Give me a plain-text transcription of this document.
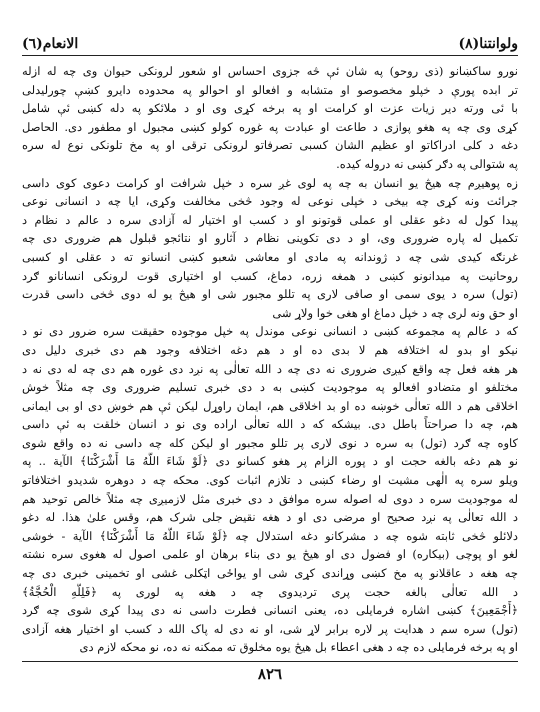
ولوانتنا(۸)
الانعام(٦)
نورو ساکښانو (ذی روحو) په شان ئې څه جزوی احساس او شعور لرونکی حیوان وی چه له ازله
تر ابده پورې د خپلو مخصوصو او متشابه و افعالو او احوالو په محدوده دایرو کښې چورلیدلی
با ئی ورته دیر زیات عزت او کرامت او په برخه کړی وی او د ملائکو په دله کښی ئې شامل
کړی وی چه په هغو پوازی د طاعت او عبادت په غوره کولو کښی مجبول او مطفور دی. الحاصل
دغه د کلی ادراکاتو او عظیم الشان کسبی تصرفاتو لرونکی ترقی او په مخ تلونکی نوع له سره
په شتوالی په دګر کښی نه دروله کیده.
زه پوهیږم چه هیڅ یو انسان به چه په لوی غږ سره د خپل شرافت او کرامت دعوی کوی داسی
جرائت ونه کړی چه بیخی د خپلی نوعی له وجود څخی مخالفت وکړی، ایا چه د انسانی نوعی
پیدا کول له دغو عقلی او عملی قوتونو او د کسب او اختیار له آزادی سره د عالم د نظام د
تکمیل له پاره ضروری وی، او د دی تکوینی نظام د آثارو او نتائجو قبلول هم ضروری دی چه
غرنګه کیدی شی چه د ژوندانه په مادی او معاشی شعبو کښی انسانو ته د عقلی او کسبی
روحانیت په میدانونو کښی د همغه زره، دماغ، کسب او اختیاری قوت لرونکی انسانانو ګرد
(تول) سره د یوی سمی او صافی لاری په تللو مجبور شی او هیڅ یو له دوی څخی داسی قدرت
او حق ونه لری چه د خپل دماغ او هغی خوا ولاړ شی
که د عالم په مجموعه کښی د انسانی نوعی موندل په خپل موجوده حقیقت سره ضرور دی نو د
نیکو او بدو له اختلافه هم لا بدی ده او د هم دغه اختلافه وجود هم دی خبری دلیل دی
هر هغه فعل چه واقع کیږی ضروری نه دی چه د الله تعالٰی په نږد دی غوره هم دی چه له دی نه د
مختلفو او متضادو افعالو په موجودیت کښی به د دی خبری تسلیم ضروری وی چه مثلاً خوش
اخلاقی هم د الله تعالٰی خوښه ده او بد اخلاقی هم، ایمان راوړل لیکن ئې هم خوښ دی او بی ایمانی
هم، چه دا صراحتاً باطل دی. بیشکه که د الله تعالٰی اراده وی نو د انسان خلقت به ئې داسی
کاوه چه ګرد (تول) به سره د نوی لاری پر تللو مجبور او لیکن کله چه داسی نه ده واقع شوی
نو هم دغه بالغه حجت او د پوره الزام پر هغو کسانو دی ﴿لَوْ شَاءَ اللَّهُ مَا أَشْرَكْنَا﴾ الآية .. په
ویلو سره په الٰهی مشیت او رضاء کښی د تلازم اثبات کوی. محکه چه د دوهره شدیدو اختلافاتو
له موجودیت سره د دوی له اصوله سره موافق د دی خبری مثل لازمیږی چه مثلاً خالص توحید هم
د الله تعالٰی په نږد صحیح او مرضی دی او د هغه نقیض جلی شرک هم، وقس علیٰ هذا. له دغو
دلائلو څخی ثابته شوه چه د مشرکانو دغه استدلال چه ﴿لَوْ شَاءَ اللَّهُ مَا أَشْرَكْنَا﴾ الآية - خوشی
لغو او پوچی (بیکاره) او فضول دی او هیڅ یو دی بناء برهان او علمی اصول له هغوی سره نشته
چه هغه د عاقلانو په مخ کښی وړاندی کړی شی او یواځی اټکلی غشی او تخمینی خبری دی چه
د الله تعالٰی بالغه حجت پری تردیدوی چه د هغه په لوری په ﴿فَلِلَّهِ الْحُجَّةُ﴾
﴿أَجْمَعِينَ﴾ کښی اشاره فرمایلی ده، یعنی انسانی فطرت داسی نه دی پیدا کړی شوی چه ګرد
(تول) سره سم د هدایت پر لاره برابر لاړ شی، او نه دی له پاک الله د کسب او اختیار هغه آزادی
او په برخه فرمایلی ده چه د هغی اعطاء بل هیڅ یوه مخلوق ته ممکنه نه ده، نو محکه لازم دی
۸۲٦
